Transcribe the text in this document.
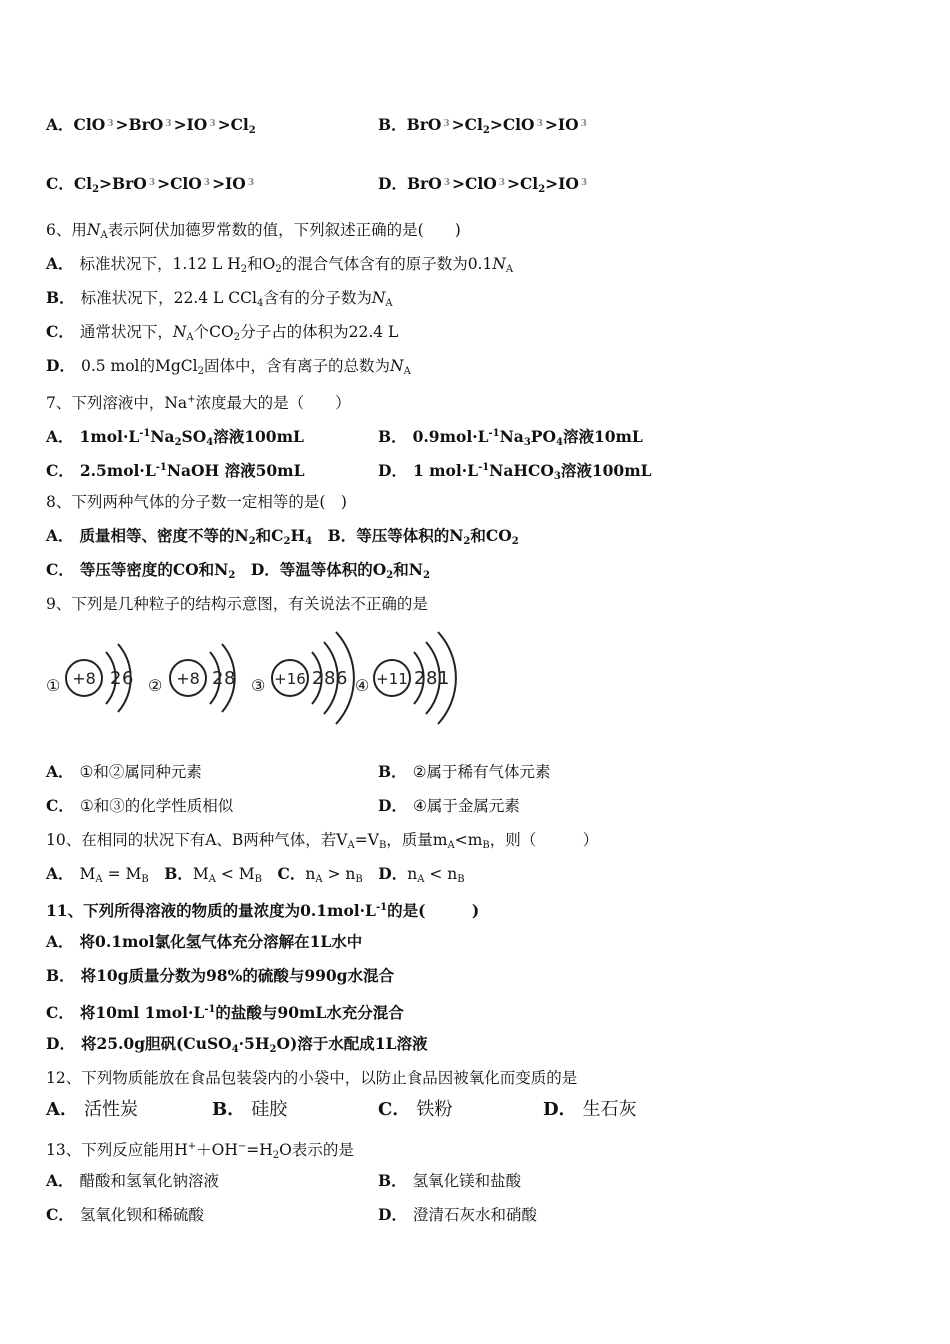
A．ClO $^3$ >BrO $^3$ >IO $^3 >Cl_2$	B．BrO $^3 >Cl_2>ClO$ $^3$ >IO $^3$
C．$Cl_2>BrO$ $^3$ >ClO $^3$ >IO $^3$	D．BrO $^3$ >ClO $^3 >Cl_2>IO$ $^3$
6、用$N_A$表示阿伏加德罗常数的值，下列叙述正确的是(　　)
A． 标准状况下，1.12 L $H_2$和$O_2$的混合气体含有的原子数为$0.1N_A$
B． 标准状况下，22.4 L CCl$_4$含有的分子数为$N_A$
C． 通常状况下，$N_A$个$CO_2$分子占的体积为22.4 L
D． 0.5 mol的MgCl$_2$固体中，含有离子的总数为$N_A$
7、下列溶液中，Na+浓度最大的是（　　）
A． $1mol\cdot L^{-1}Na_2SO_4$溶液100mL	B． $0.9mol\cdot L^{-1}Na_3PO_4$溶液10mL
C． $2.5mol\cdot L^{-1}NaOH$ 溶液50mL	D． 1 $mol\cdot L^{-1}NaHCO_3$溶液100mL
8、下列两种气体的分子数一定相等的是(　)
A． 质量相等、密度不等的$N_2$和$C_2H_4$　B．等压等体积的$N_2$和$CO_2$
C． 等压等密度的CO和$N_2$　D．等温等体积的$O_2$和$N_2$
9、下列是几种粒子的结构示意图，有关说法不正确的是
① +8 2 6 ② +8 2 8 ③ +16 2 8 6 ④ +11 2 8 1
A． ①和②属同种元素	B． ②属于稀有气体元素
C． ①和③的化学性质相似	D． ④属于金属元素
10、在相同的状况下有A、B两种气体，若$V_A=V_B$，质量$m_A<m_B$，则（　　　）
A． $M_A = M_B$　B．$M_A < M_B$　C．$n_A > n_B$　D．$n_A < n_B$
11、下列所得溶液的物质的量浓度为$0.1mol\cdot L^{-1}$的是(　　　)
A． 将0.1mol氯化氢气体充分溶解在1L水中
B． 将10g质量分数为98%的硫酸与990g水混合
C． 将10ml $1mol\cdot L^{-1}$的盐酸与90mL水充分混合
D． 将25.0g胆矾$(CuSO_4\cdot 5H_2O)$溶于水配成1L溶液
12、下列物质能放在食品包装袋内的小袋中，以防止食品因被氧化而变质的是
A． 活性炭	B． 硅胶	C． 铁粉	D． 生石灰
13、下列反应能用$H^++OH^-=H_2O$表示的是
A． 醋酸和氢氧化钠溶液	B． 氢氧化镁和盐酸
C． 氢氧化钡和稀硫酸	D． 澄清石灰水和硝酸
